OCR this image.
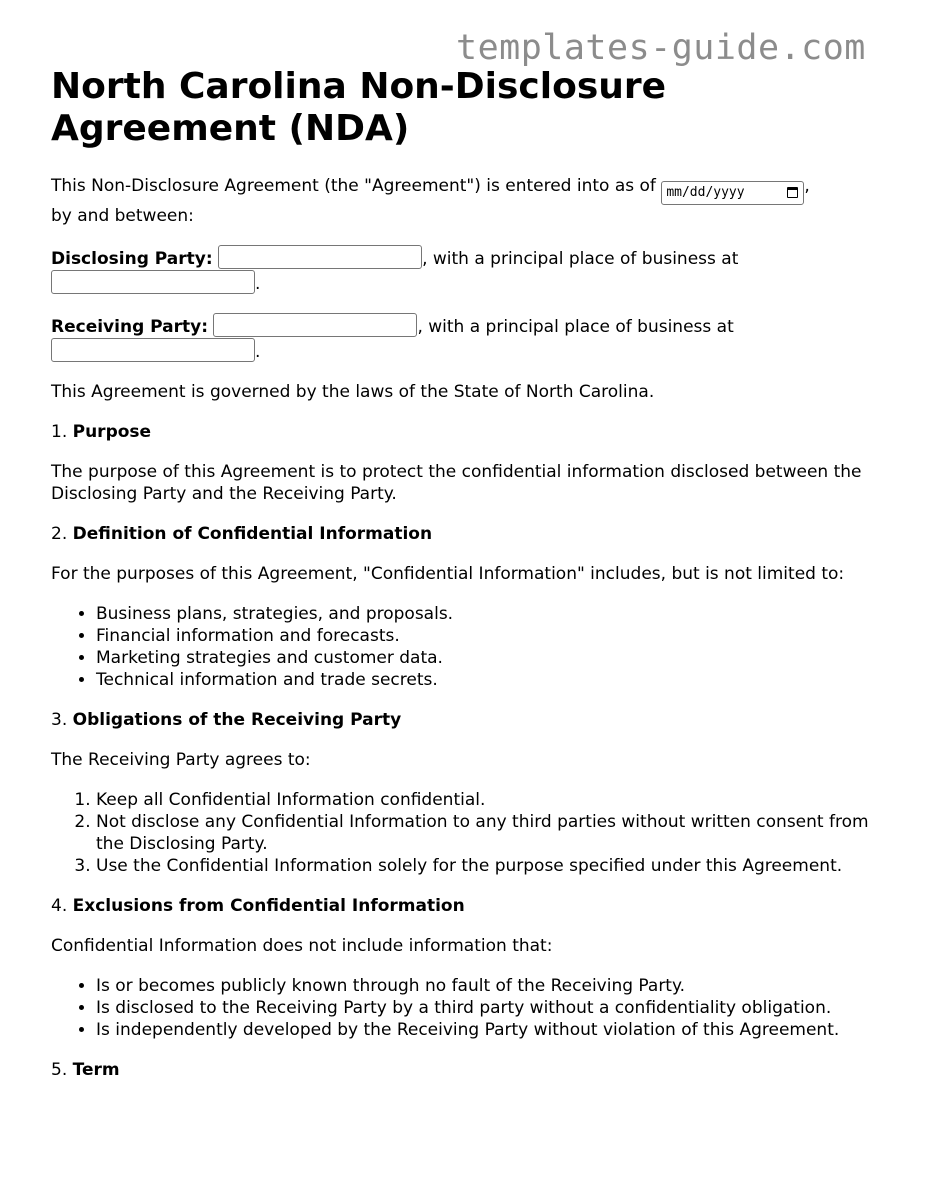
templates-guide.com
North Carolina Non-Disclosure Agreement (NDA)

This Non-Disclosure Agreement (the "Agreement") is entered into as of mm/dd/yyyy	,
by and between:

Disclosing Party:	, with a principal place of business at
.

Receiving Party:	, with a principal place of business at
.

This Agreement is governed by the laws of the State of North Carolina.

1. Purpose

The purpose of this Agreement is to protect the confidential information disclosed between the Disclosing Party and the Receiving Party.

2. Definition of Confidential Information

For the purposes of this Agreement, "Confidential Information" includes, but is not limited to:

• Business plans, strategies, and proposals.
• Financial information and forecasts.
• Marketing strategies and customer data.
• Technical information and trade secrets.

3. Obligations of the Receiving Party

The Receiving Party agrees to:

1. Keep all Confidential Information confidential.
2. Not disclose any Confidential Information to any third parties without written consent from the Disclosing Party.
3. Use the Confidential Information solely for the purpose specified under this Agreement.

4. Exclusions from Confidential Information

Confidential Information does not include information that:

• Is or becomes publicly known through no fault of the Receiving Party.
• Is disclosed to the Receiving Party by a third party without a confidentiality obligation.
• Is independently developed by the Receiving Party without violation of this Agreement.

5. Term
